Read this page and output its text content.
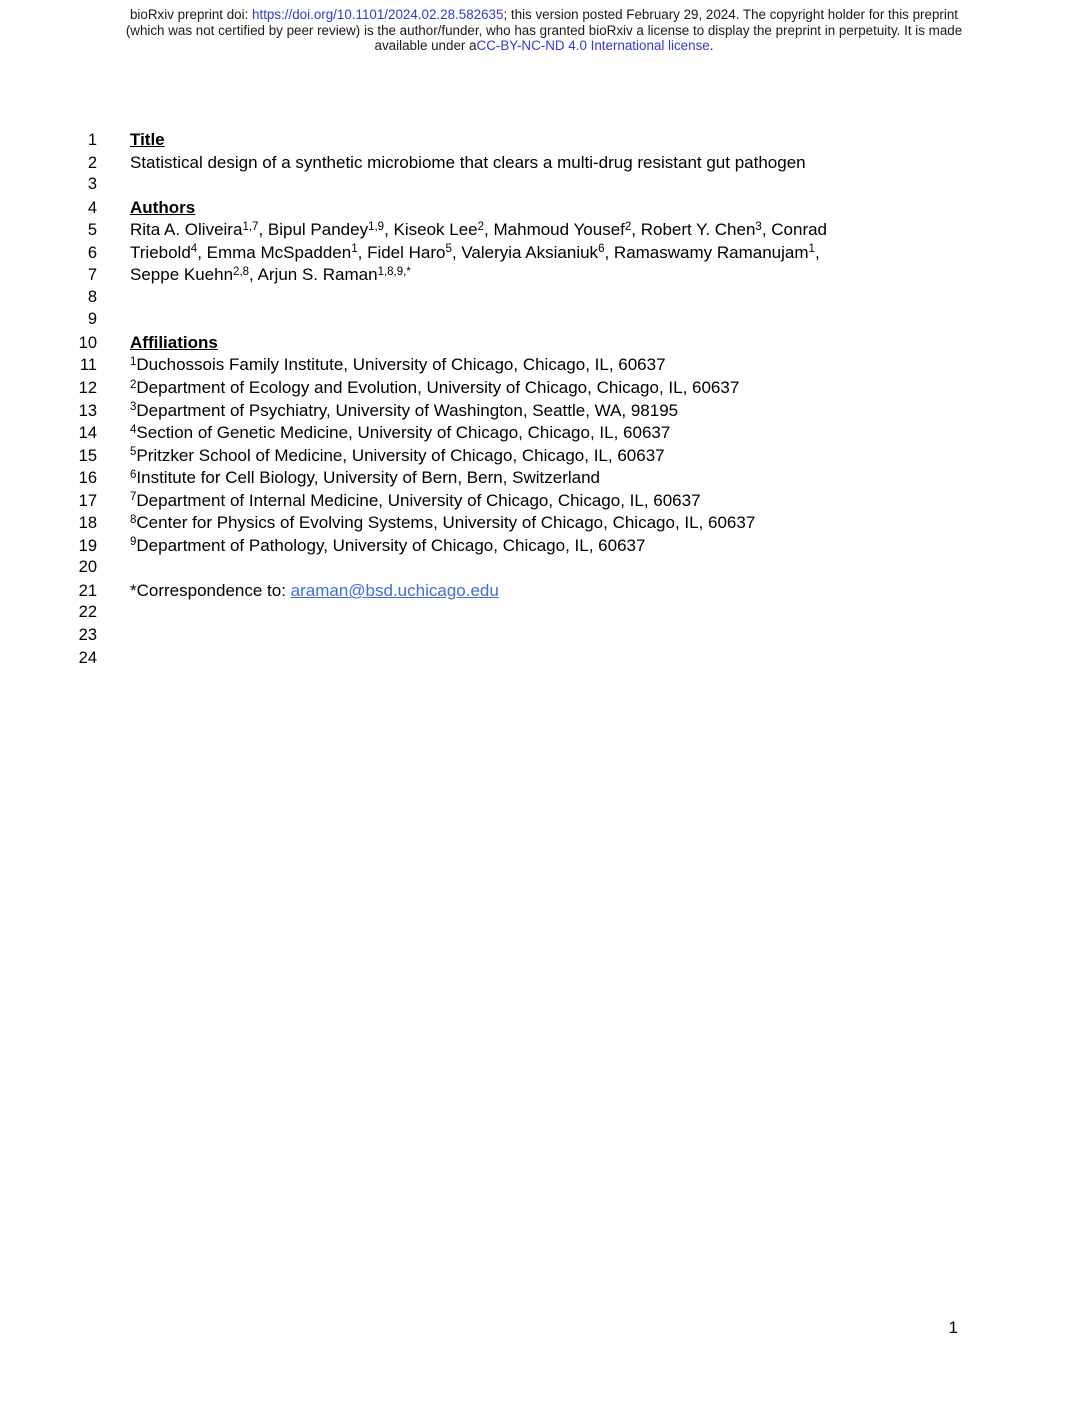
bioRxiv preprint doi: https://doi.org/10.1101/2024.02.28.582635; this version posted February 29, 2024. The copyright holder for this preprint
(which was not certified by peer review) is the author/funder, who has granted bioRxiv a license to display the preprint in perpetuity. It is made
available under aCC-BY-NC-ND 4.0 International license.
1 Title
2 Statistical design of a synthetic microbiome that clears a multi-drug resistant gut pathogen
3
4 Authors
5 Rita A. Oliveira$^{1,7}$, Bipul Pandey$^{1,9}$, Kiseok Lee$^2$, Mahmoud Yousef$^2$, Robert Y. Chen$^3$, Conrad
6 Triebold$^4$, Emma McSpadden$^1$, Fidel Haro$^5$, Valeryia Aksianiuk$^6$, Ramaswamy Ramanujam$^1$,
7 Seppe Kuehn$^{2,8}$, Arjun S. Raman$^{1,8,9,*}$
8
9
10 Affiliations
11	$^1$Duchossois Family Institute, University of Chicago, Chicago, IL, 60637
12	$^2$Department of Ecology and Evolution, University of Chicago, Chicago, IL, 60637
13	$^3$Department of Psychiatry, University of Washington, Seattle, WA, 98195
14	$^4$Section of Genetic Medicine, University of Chicago, Chicago, IL, 60637
15	$^5$Pritzker School of Medicine, University of Chicago, Chicago, IL, 60637
16	$^6$Institute for Cell Biology, University of Bern, Bern, Switzerland
17	$^7$Department of Internal Medicine, University of Chicago, Chicago, IL, 60637
18	$^8$Center for Physics of Evolving Systems, University of Chicago, Chicago, IL, 60637
19	$^9$Department of Pathology, University of Chicago, Chicago, IL, 60637
20
21 *Correspondence to: araman@bsd.uchicago.edu
22
23
24
1
